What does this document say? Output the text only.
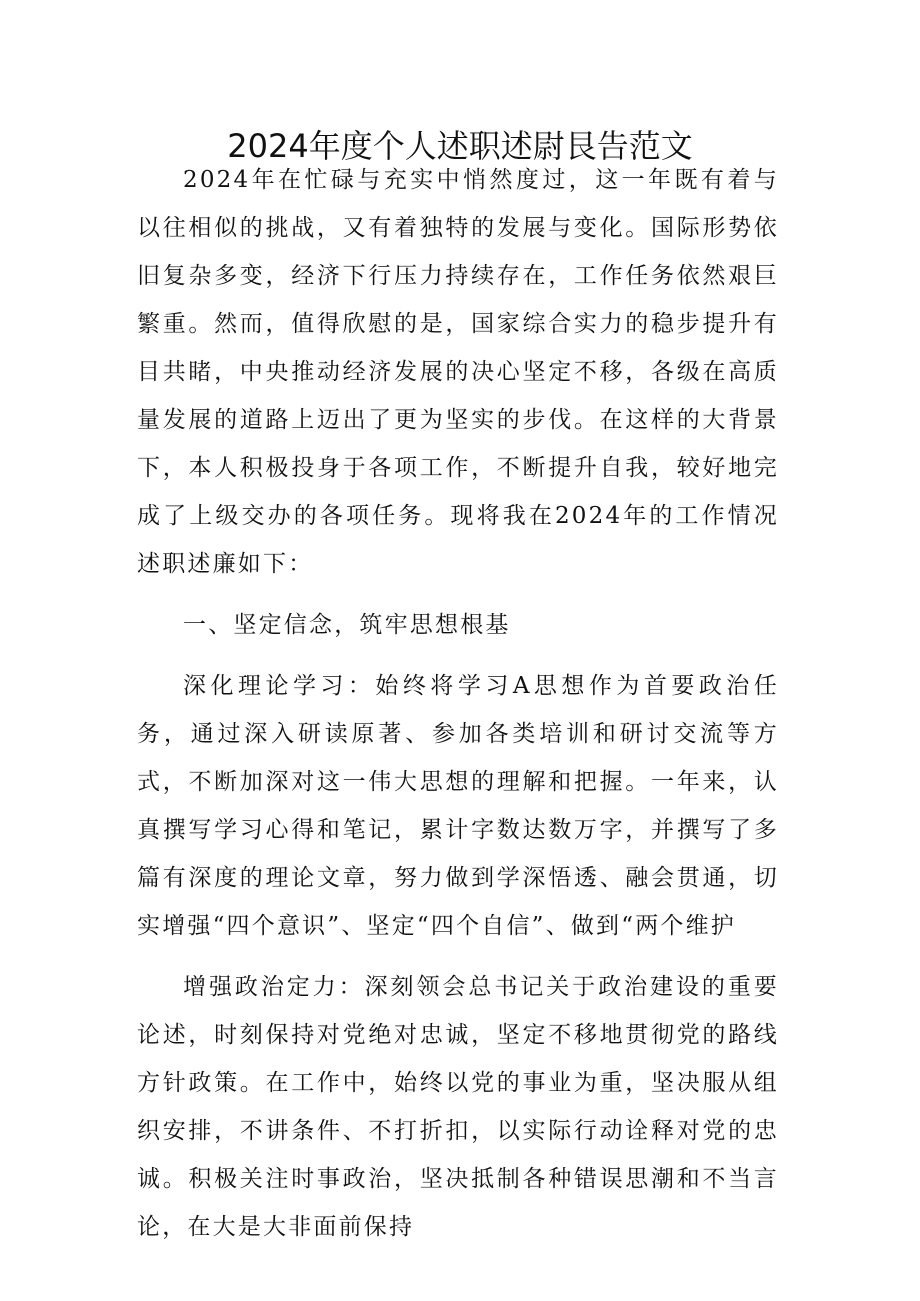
2024年度个人述职述尉艮告范文

2024年在忙碌与充实中悄然度过，这一年既有着与以往相似的挑战，又有着独特的发展与变化。国际形势依旧复杂多变，经济下行压力持续存在，工作任务依然艰巨繁重。然而，值得欣慰的是，国家综合实力的稳步提升有目共睹，中央推动经济发展的决心坚定不移，各级在高质量发展的道路上迈出了更为坚实的步伐。在这样的大背景下，本人积极投身于各项工作，不断提升自我，较好地完成了上级交办的各项任务。现将我在2024年的工作情况述职述廉如下：

一、坚定信念，筑牢思想根基

深化理论学习：始终将学习A思想作为首要政治任务，通过深入研读原著、参加各类培训和研讨交流等方式，不断加深对这一伟大思想的理解和把握。一年来，认真撰写学习心得和笔记，累计字数达数万字，并撰写了多篇有深度的理论文章，努力做到学深悟透、融会贯通，切实增强“四个意识”、坚定“四个自信”、做到“两个维护

增强政治定力：深刻领会总书记关于政治建设的重要论述，时刻保持对党绝对忠诚，坚定不移地贯彻党的路线方针政策。在工作中，始终以党的事业为重，坚决服从组织安排，不讲条件、不打折扣，以实际行动诠释对党的忠诚。积极关注时事政治，坚决抵制各种错误思潮和不当言论，在大是大非面前保持
